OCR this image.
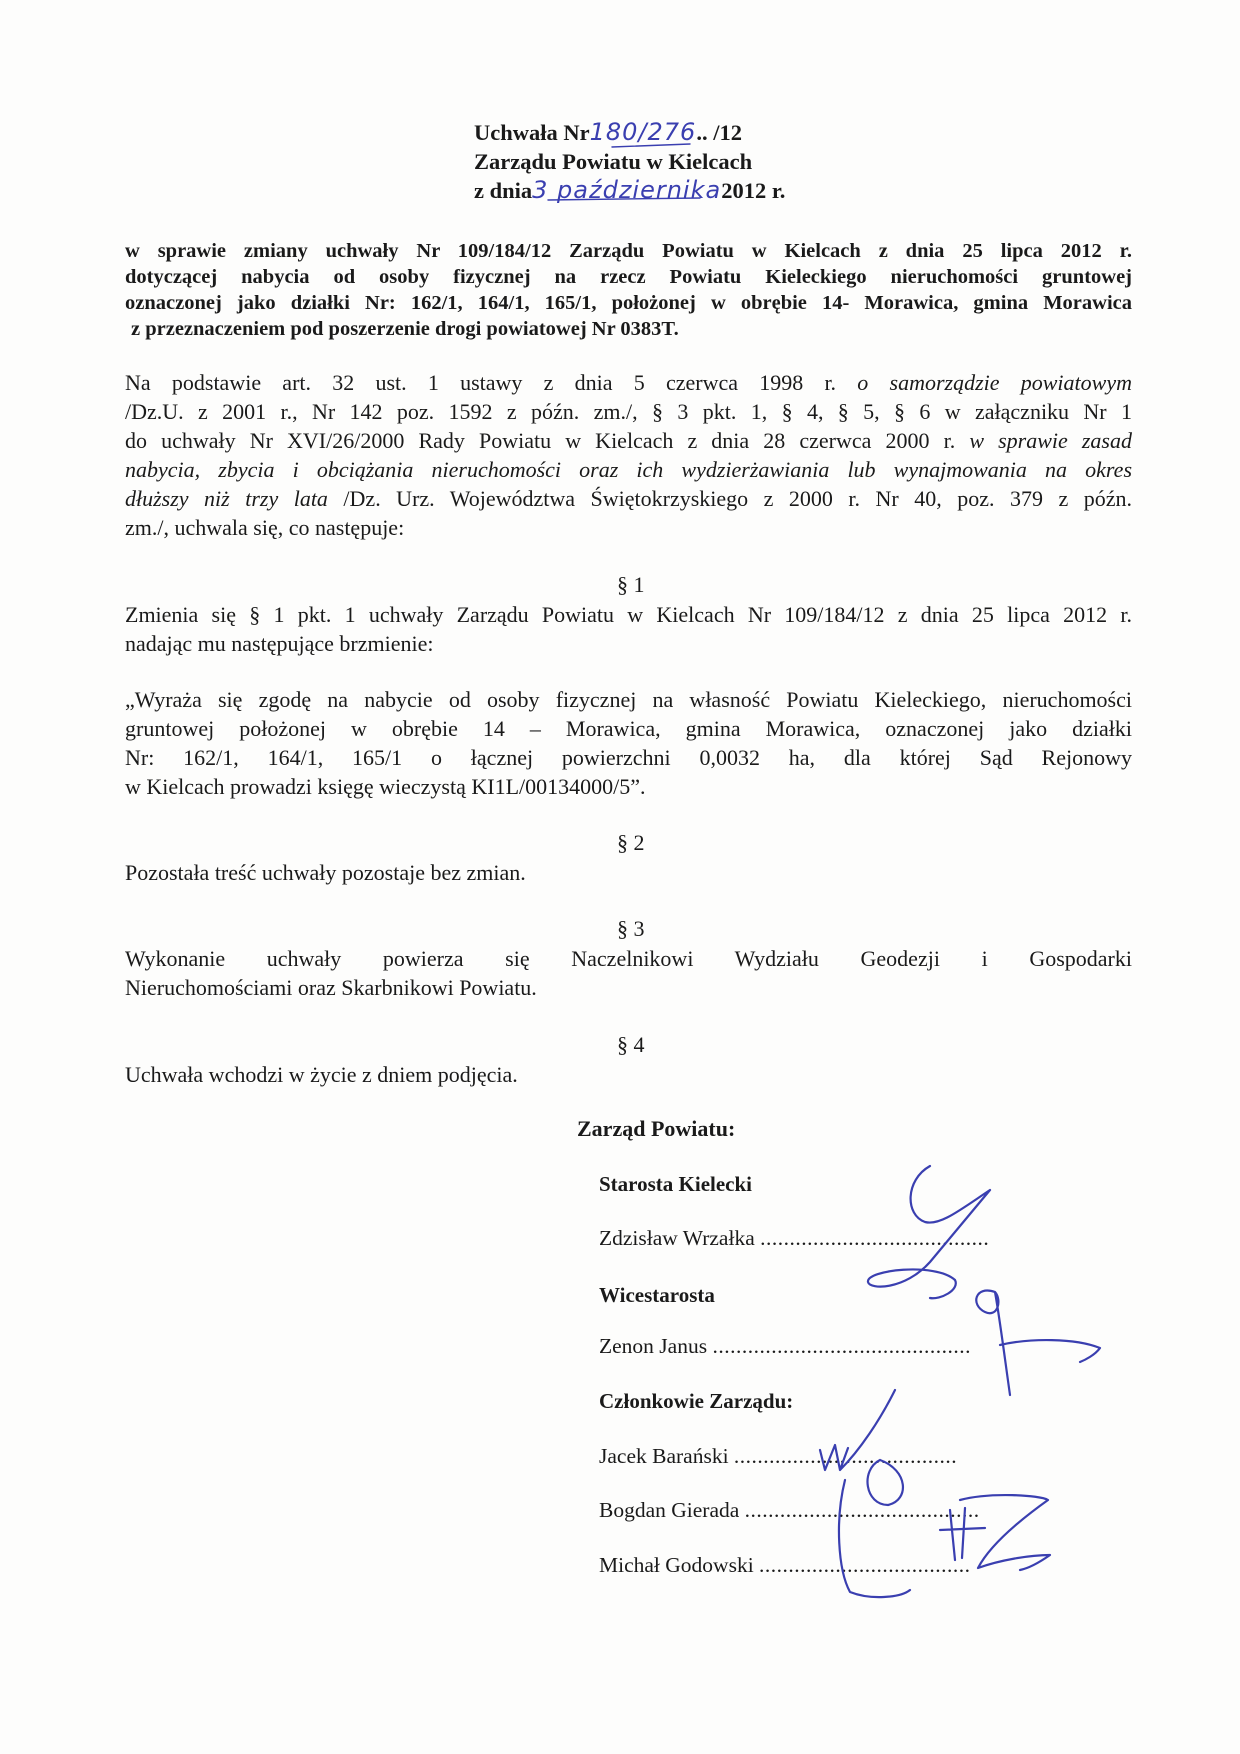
Uchwała Nr180/276.. /12
Zarządu Powiatu w Kielcach
z dnia3 października2012 r.
w sprawie zmiany uchwały Nr 109/184/12 Zarządu Powiatu w Kielcach z dnia 25 lipca 2012 r.
dotyczącej nabycia od osoby fizycznej na rzecz Powiatu Kieleckiego nieruchomości gruntowej
oznaczonej jako działki Nr: 162/1, 164/1, 165/1, położonej w obrębie 14- Morawica, gmina Morawica
z przeznaczeniem pod poszerzenie drogi powiatowej Nr 0383T.
Na podstawie art. 32 ust. 1 ustawy z dnia 5 czerwca 1998 r. o samorządzie powiatowym
/Dz.U. z 2001 r., Nr 142 poz. 1592 z późn. zm./, § 3 pkt. 1, § 4, § 5, § 6 w załączniku Nr 1
do uchwały Nr XVI/26/2000 Rady Powiatu w Kielcach z dnia 28 czerwca 2000 r. w sprawie zasad
nabycia, zbycia i obciążania nieruchomości oraz ich wydzierżawiania lub wynajmowania na okres
dłuższy niż trzy lata /Dz. Urz. Województwa Świętokrzyskiego z 2000 r. Nr 40, poz. 379 z późn.
zm./, uchwala się, co następuje:
§ 1
Zmienia się § 1 pkt. 1 uchwały Zarządu Powiatu w Kielcach Nr 109/184/12 z dnia 25 lipca 2012 r.
nadając mu następujące brzmienie:
„Wyraża się zgodę na nabycie od osoby fizycznej na własność Powiatu Kieleckiego, nieruchomości
gruntowej położonej w obrębie 14 – Morawica, gmina Morawica, oznaczonej jako działki
Nr: 162/1, 164/1, 165/1 o łącznej powierzchni 0,0032 ha, dla której Sąd Rejonowy
w Kielcach prowadzi księgę wieczystą KI1L/00134000/5”.
§ 2
Pozostała treść uchwały pozostaje bez zmian.
§ 3
Wykonanie uchwały powierza się Naczelnikowi Wydziału Geodezji i Gospodarki
Nieruchomościami oraz Skarbnikowi Powiatu.
§ 4
Uchwała wchodzi w życie z dniem podjęcia.
Zarząd Powiatu:
Starosta Kielecki
Zdzisław Wrzałka .......................................
Wicestarosta
Zenon Janus ............................................
Członkowie Zarządu:
Jacek Barański ......................................
Bogdan Gierada ........................................
Michał Godowski ....................................
